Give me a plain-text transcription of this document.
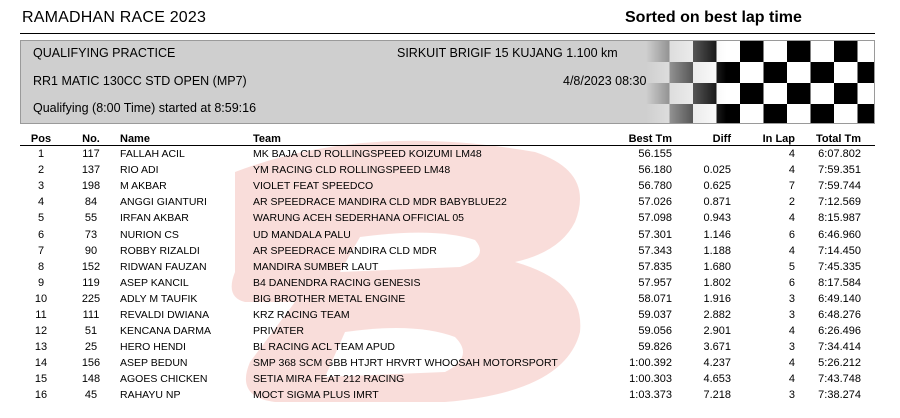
RAMADHAN RACE 2023	Sorted on best lap time
QUALIFYING PRACTICE	SIRKUIT BRIGIF 15 KUJANG 1.100 km
RR1 MATIC 130CC STD OPEN (MP7)	4/8/2023 08:30
Qualifying (8:00 Time) started at 8:59:16
Pos	No.	Name	Team	Best Tm	Diff	In Lap	Total Tm
1	117	FALLAH ACIL	MK BAJA CLD ROLLINGSPEED KOIZUMI LM48	56.155		4	6:07.802
2	137	RIO ADI	YM RACING CLD ROLLINGSPEED LM48	56.180	0.025	4	7:59.351
3	198	M AKBAR	VIOLET FEAT SPEEDCO	56.780	0.625	7	7:59.744
4	84	ANGGI GIANTURI	AR SPEEDRACE MANDIRA CLD MDR BABYBLUE22	57.026	0.871	2	7:12.569
5	55	IRFAN AKBAR	WARUNG ACEH SEDERHANA OFFICIAL 05	57.098	0.943	4	8:15.987
6	73	NURION CS	UD MANDALA PALU	57.301	1.146	6	6:46.960
7	90	ROBBY RIZALDI	AR SPEEDRACE MANDIRA CLD MDR	57.343	1.188	4	7:14.450
8	152	RIDWAN FAUZAN	MANDIRA SUMBER LAUT	57.835	1.680	5	7:45.335
9	119	ASEP KANCIL	B4 DANENDRA RACING GENESIS	57.957	1.802	6	8:17.584
10	225	ADLY M TAUFIK	BIG BROTHER METAL ENGINE	58.071	1.916	3	6:49.140
11	111	REVALDI DWIANA	KRZ RACING TEAM	59.037	2.882	3	6:48.276
12	51	KENCANA DARMA	PRIVATER	59.056	2.901	4	6:26.496
13	25	HERO HENDI	BL RACING ACL TEAM APUD	59.826	3.671	3	7:34.414
14	156	ASEP BEDUN	SMP 368 SCM GBB HTJRT HRVRT WHOOSAH MOTORSPORT	1:00.392	4.237	4	5:26.212
15	148	AGOES CHICKEN	SETIA MIRA FEAT 212 RACING	1:00.303	4.653	4	7:43.748
16	45	RAHAYU NP	MOCT SIGMA PLUS IMRT	1:03.373	7.218	3	7:38.274
